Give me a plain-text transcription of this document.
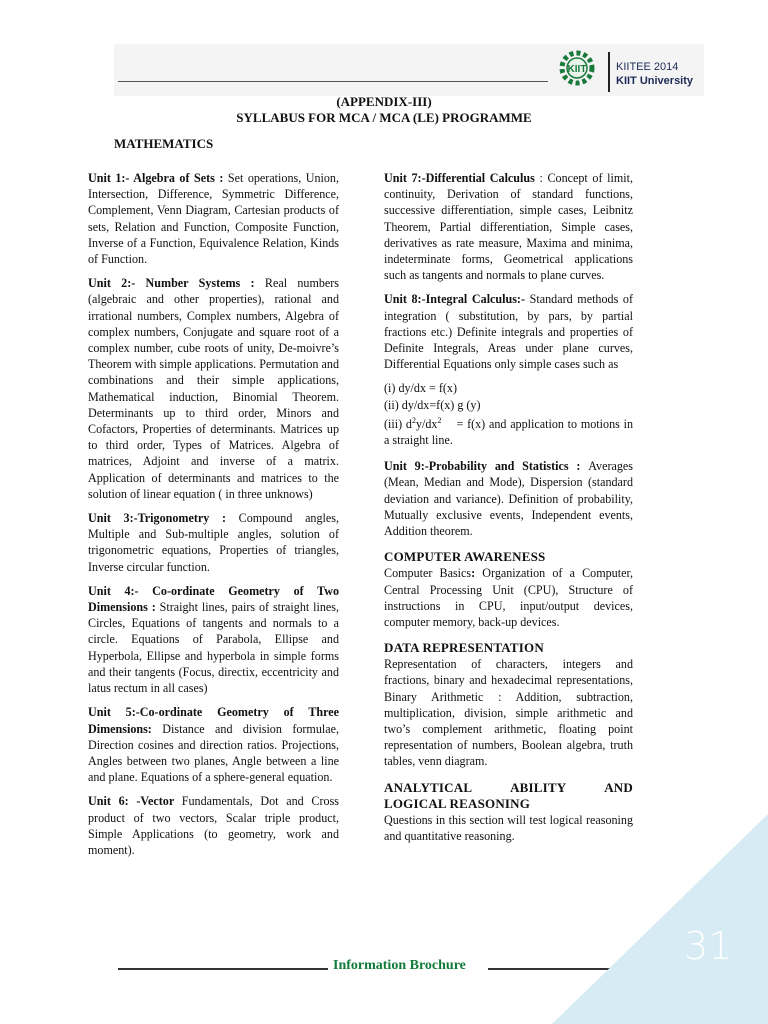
KIIT	KIITEE 2014
KIIT University
(APPENDIX-III)
SYLLABUS FOR MCA / MCA (LE) PROGRAMME
MATHEMATICS

Unit 1:- Algebra of Sets : Set operations, Union, Intersection, Difference, Symmetric Difference, Complement, Venn Diagram, Cartesian products of sets, Relation and Function, Composite Function, Inverse of a Function, Equivalence Relation, Kinds of Function.

Unit 2:- Number Systems : Real numbers (algebraic and other properties), rational and irrational numbers, Complex numbers, Algebra of complex numbers, Conjugate and square root of a complex number, cube roots of unity, De-moivre’s Theorem with simple applications. Permutation and combinations and their simple applications, Mathematical induction, Binomial Theorem. Determinants up to third order, Minors and Cofactors, Properties of determinants. Matrices up to third order, Types of Matrices. Algebra of matrices, Adjoint and inverse of a matrix. Application of determinants and matrices to the solution of linear equation ( in three unknows)

Unit 3:-Trigonometry : Compound angles, Multiple and Sub-multiple angles, solution of trigonometric equations, Properties of triangles, Inverse circular function.

Unit 4:- Co-ordinate Geometry of Two Dimensions : Straight lines, pairs of straight lines, Circles, Equations of tangents and normals to a circle. Equations of Parabola, Ellipse and Hyperbola, Ellipse and hyperbola in simple forms and their tangents (Focus, directix, eccentricity and latus rectum in all cases)

Unit 5:-Co-ordinate Geometry of Three Dimensions: Distance and division formulae, Direction cosines and direction ratios. Projections, Angles between two planes, Angle between a line and plane. Equations of a sphere-general equation.

Unit 6: -Vector Fundamentals, Dot and Cross product of two vectors, Scalar triple product, Simple Applications (to geometry, work and moment).

Unit 7:-Differential Calculus : Concept of limit, continuity, Derivation of standard functions, successive differentiation, simple cases, Leibnitz Theorem, Partial differentiation, Simple cases, derivatives as rate measure, Maxima and minima, indeterminate forms, Geometrical applications such as tangents and normals to plane curves.

Unit 8:-Integral Calculus:- Standard methods of integration ( substitution, by pars, by partial fractions etc.) Definite integrals and properties of Definite Integrals, Areas under plane curves, Differential Equations only simple cases such as

(i) dy/dx = f(x)
(ii) dy/dx=f(x) g (y)
(iii) $d^2y/dx^2$    = f(x) and application to motions in a straight line.

Unit 9:-Probability and Statistics : Averages (Mean, Median and Mode), Dispersion (standard deviation and variance). Definition of probability, Mutually exclusive events, Independent events, Addition theorem.

COMPUTER AWARENESS

Computer Basics: Organization of a Computer, Central Processing Unit (CPU), Structure of instructions in CPU, input/output devices, computer memory, back-up devices.

DATA REPRESENTATION

Representation of characters, integers and fractions, binary and hexadecimal representations, Binary Arithmetic : Addition, subtraction, multiplication, division, simple arithmetic and two’s complement arithmetic, floating point representation of numbers, Boolean algebra, truth tables, venn diagram.

ANALYTICAL	ABILITY	AND
LOGICAL REASONING

Questions in this section will test logical reasoning and quantitative reasoning.

Information Brochure	31
